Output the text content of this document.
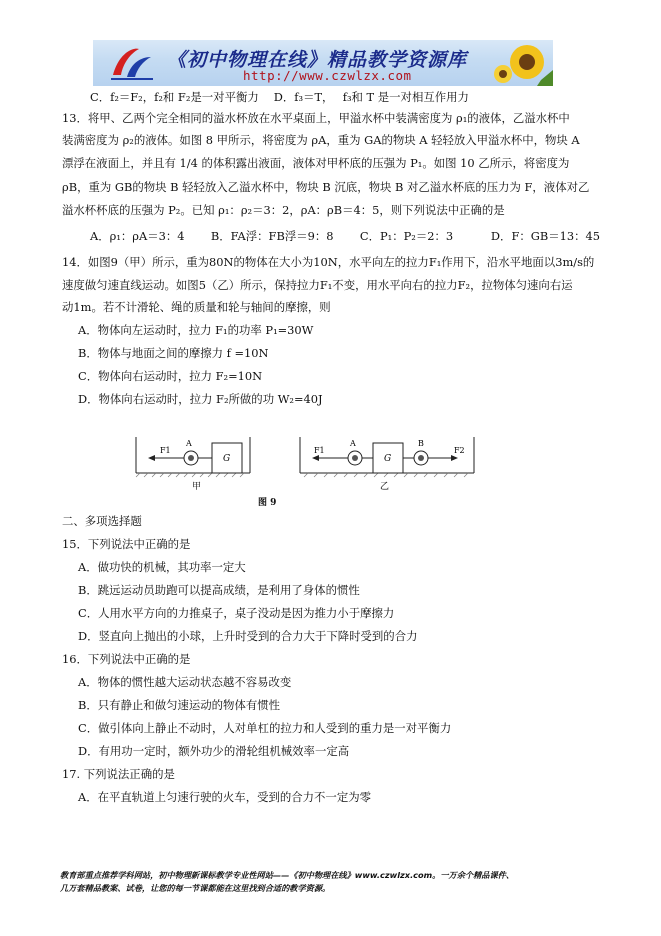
《初中物理在线》精品教学资源库
http://www.czwlzx.com
C．f₂＝F₂，f₂和 F₂是一对平衡力　 D．f₃＝T，　 f₃和 T 是一对相互作用力
13．将甲、乙两个完全相同的溢水杯放在水平桌面上，甲溢水杯中装满密度为 ρ₁的液体，乙溢水杯中
装满密度为 ρ₂的液体。如图 8 甲所示，将密度为 ρA，重为 GA的物块 A 轻轻放入甲溢水杯中，物块 A
漂浮在液面上，并且有 1/4 的体积露出液面，液体对甲杯底的压强为 P₁。如图 10 乙所示，将密度为
ρB，重为 GB的物块 B 轻轻放入乙溢水杯中，物块 B 沉底，物块 B 对乙溢水杯底的压力为 F，液体对乙
溢水杯杯底的压强为 P₂。已知 ρ₁：ρ₂＝3：2，ρA：ρB＝4：5，则下列说法中正确的是
A．ρ₁：ρA＝3：4　　 B．FA浮：FB浮＝9：8　　 C．P₁：P₂＝2：3　　　 D．F：GB＝13：45
14．如图9（甲）所示，重为80N的物体在大小为10N，水平向左的拉力F₁作用下，沿水平地面以3m/s的
速度做匀速直线运动。如图5（乙）所示，保持拉力F₁不变，用水平向右的拉力F₂，拉物体匀速向右运
动1m。若不计滑轮、绳的质量和轮与轴间的摩擦，则
A．物体向左运动时，拉力 F₁的功率 P₁=30W
B．物体与地面之间的摩擦力 f =10N
C．物体向右运动时，拉力 F₂=10N
D．物体向右运动时，拉力 F₂所做的功 W₂=40J
F1
A
G
甲
F1
A
G
B
F2
乙
图 9
二、多项选择题
15．下列说法中正确的是
A．做功快的机械，其功率一定大
B．跳远运动员助跑可以提高成绩，是利用了身体的惯性
C．人用水平方向的力推桌子，桌子没动是因为推力小于摩擦力
D．竖直向上抛出的小球，上升时受到的合力大于下降时受到的合力
16．下列说法中正确的是
A．物体的惯性越大运动状态越不容易改变
B．只有静止和做匀速运动的物体有惯性
C．做引体向上静止不动时，人对单杠的拉力和人受到的重力是一对平衡力
D．有用功一定时，额外功少的滑轮组机械效率一定高
17. 下列说法正确的是
A．在平直轨道上匀速行驶的火车，受到的合力不一定为零
教育部重点推荐学科网站，初中物理新课标教学专业性网站——《初中物理在线》www.czwlzx.com。一万余个精品课件、
几万套精品教案、试卷，让您的每一节课都能在这里找到合适的教学资源。
